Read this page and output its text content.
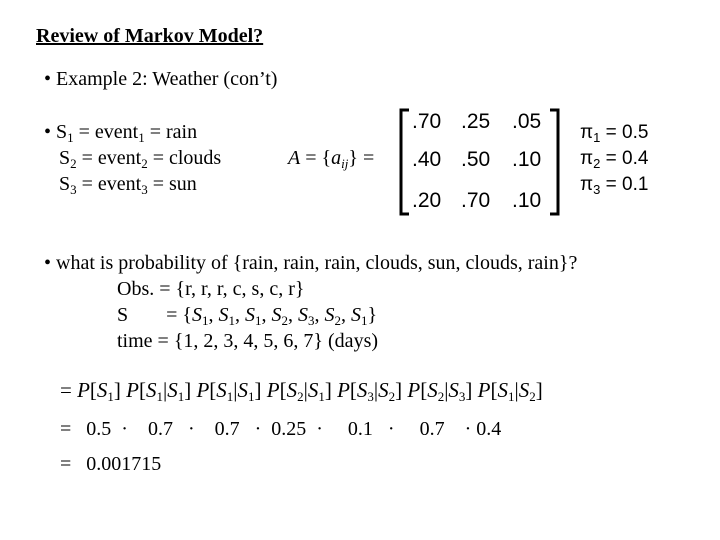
Review of Markov Model?
• Example 2: Weather (con’t)
• $S_1$ = event$_1$ = rain
$S_2$ = event$_2$ = clouds
$S_3$ = event$_3$ = sun
$A = \{a_{ij}\}$ =
.70 .25 .05
.40 .50 .10
.20 .70 .10
$\pi_1 = 0.5$
$\pi_2 = 0.4$
$\pi_3 = 0.1$
• what is probability of {rain, rain, rain, clouds, sun, clouds, rain}?
Obs. = {r, r, r, c, s, c, r}
$S = \{S_1$, $S_1$, $S_1$, $S_2$, $S_3$, $S_2$, $S_1$}
time = {1, 2, 3, 4, 5, 6, 7} (days)
= $P[S_1]$ $P[S_1|S_1]$ $P[S_1|S_1]$ $P[S_2|S_1]$ $P[S_3|S_2]$ $P[S_2|S_3]$ $P[S_1|S_2]$
=   0.5  ·    0.7   ·    0.7   ·  0.25  ·     0.1   ·     0.7    · 0.4
=   0.001715
